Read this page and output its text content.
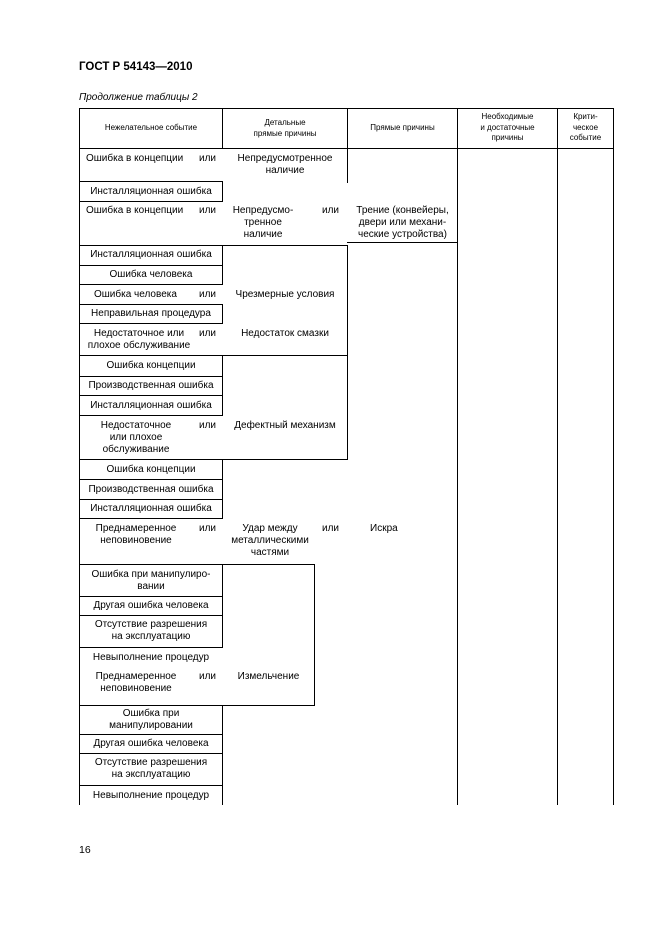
ГОСТ Р 54143—2010
Продолжение таблицы 2
Нежелательное событие
Детальные
прямые причины
Прямые причины
Необходимые
и достаточные
причины
Крити-
ческое
событие
Ошибка в концепции
Инсталляционная ошибка
Ошибка в концепции
Инсталляционная ошибка
Ошибка человека
Ошибка человека
Неправильная процедура
Недостаточное или
плохое обслуживание
Ошибка концепции
Производственная ошибка
Инсталляционная ошибка
Недостаточное
или плохое
обслуживание
Ошибка концепции
Производственная ошибка
Инсталляционная ошибка
Преднамеренное
неповиновение
Ошибка при манипулиро-
вании
Другая ошибка человека
Отсутствие разрешения
на эксплуатацию
Невыполнение процедур
Преднамеренное
неповиновение
Ошибка при
манипулировании
Другая ошибка человека
Отсутствие разрешения
на эксплуатацию
Невыполнение процедур
или
или	или
или
или
или
или	или
или
Непредусмотренное
наличие
Непредусмо-
тренное
наличие
Чрезмерные условия
Недостаток смазки
Дефектный механизм
Удар между
металлическими
частями
Измельчение
Трение (конвейеры,
двери или механи-
ческие устройства)
Искра
16
